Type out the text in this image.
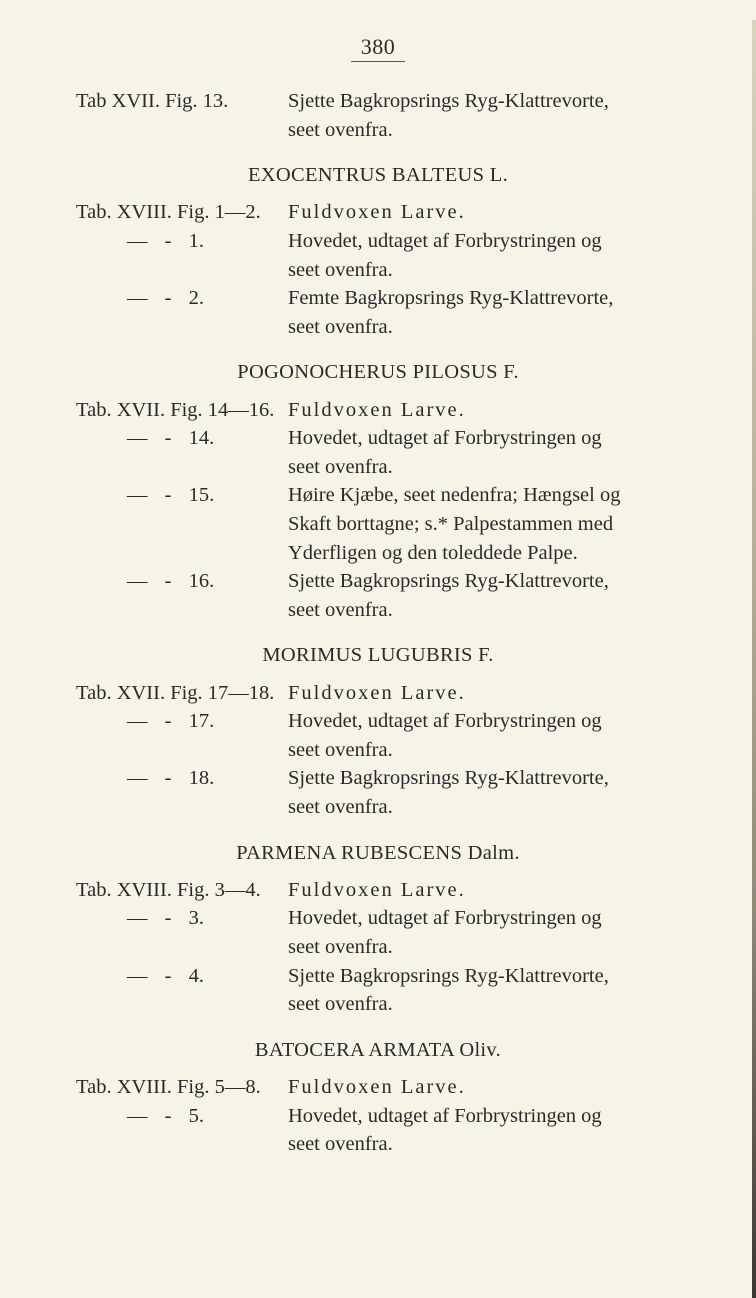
380
Tab XVII. Fig. 13.	Sjette Bagkropsrings Ryg-Klattrevorte,
seet ovenfra.
EXOCENTRUS BALTEUS L.
Tab. XVIII. Fig. 1—2. Fuldvoxen Larve.
— - 1.	Hovedet, udtaget af Forbrystringen og
seet ovenfra.
— - 2.	Femte Bagkropsrings Ryg-Klattrevorte,
seet ovenfra.
POGONOCHERUS PILOSUS F.
Tab. XVII. Fig. 14—16. Fuldvoxen Larve.
— - 14.	Hovedet, udtaget af Forbrystringen og
seet ovenfra.
— - 15.	Høire Kjæbe, seet nedenfra; Hængsel og
Skaft borttagne; s.* Palpestammen med
Yderfligen og den toleddede Palpe.
— - 16.	Sjette Bagkropsrings Ryg-Klattrevorte,
seet ovenfra.
MORIMUS LUGUBRIS F.
Tab. XVII. Fig. 17—18. Fuldvoxen Larve.
— - 17.	Hovedet, udtaget af Forbrystringen og
seet ovenfra.
— - 18.	Sjette Bagkropsrings Ryg-Klattrevorte,
seet ovenfra.
PARMENA RUBESCENS Dalm.
Tab. XVIII. Fig. 3—4. Fuldvoxen Larve.
— - 3.	Hovedet, udtaget af Forbrystringen og
seet ovenfra.
— - 4.	Sjette Bagkropsrings Ryg-Klattrevorte,
seet ovenfra.
BATOCERA ARMATA Oliv.
Tab. XVIII. Fig. 5—8. Fuldvoxen Larve.
— - 5.	Hovedet, udtaget af Forbrystringen og
seet ovenfra.
